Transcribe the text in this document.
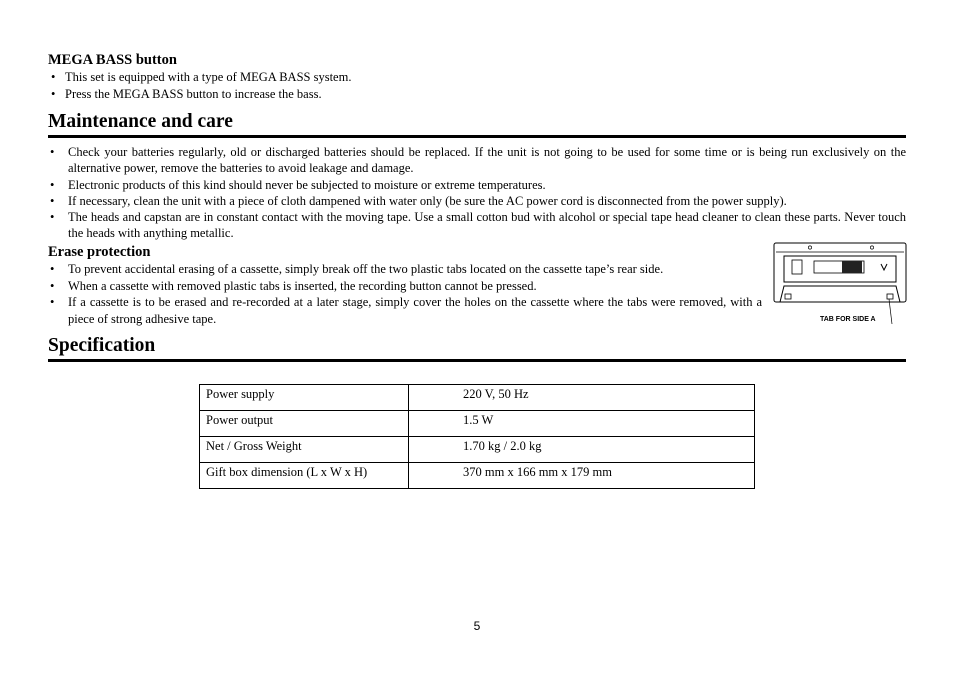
MEGA BASS button
• This set is equipped with a type of MEGA BASS system.
• Press the MEGA BASS button to increase the bass.
Maintenance and care
• Check your batteries regularly, old or discharged batteries should be replaced. If the unit is not going to be used for some time or is being run exclusively on the alternative power, remove the batteries to avoid leakage and damage.
• Electronic products of this kind should never be subjected to moisture or extreme temperatures.
• If necessary, clean the unit with a piece of cloth dampened with water only (be sure the AC power cord is disconnected from the power supply).
• The heads and capstan are in constant contact with the moving tape. Use a small cotton bud with alcohol or special tape head cleaner to clean these parts. Never touch the heads with anything metallic.
Erase protection
• To prevent accidental erasing of a cassette, simply break off the two plastic tabs located on the cassette tape’s rear side.
• When a cassette with removed plastic tabs is inserted, the recording button cannot be pressed.
• If a cassette is to be erased and re-recorded at a later stage, simply cover the holes on the cassette where the tabs were removed, with a piece of strong adhesive tape.	TAB FOR SIDE A
Specification
Power supply	220 V, 50 Hz
Power output	1.5 W
Net / Gross Weight	1.70 kg / 2.0 kg
Gift box dimension (L x W x H)	370 mm x 166 mm x 179 mm
5
